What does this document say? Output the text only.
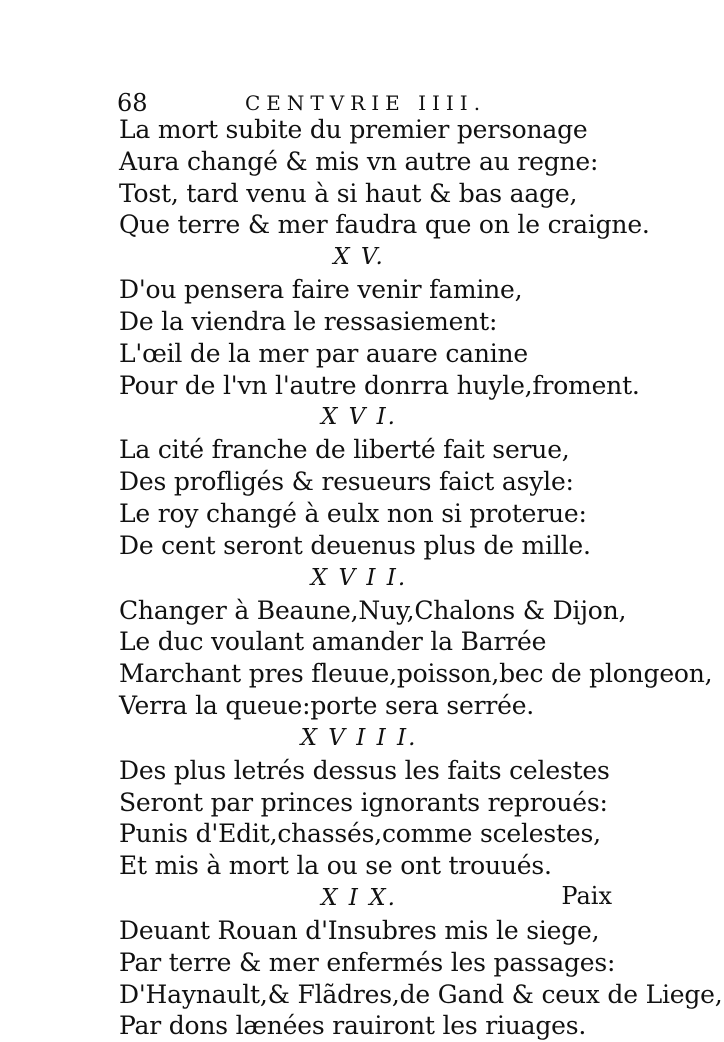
68	CENTVRIE IIII.
La mort subite du premier personage
Aura changé & mis vn autre au regne:
Tost, tard venu à si haut & bas aage,
Que terre & mer faudra que on le craigne.
X V.
D'ou pensera faire venir famine,
De la viendra le ressasiement:
L'œil de la mer par auare canine
Pour de l'vn l'autre donrra huyle,froment.
X V I.
La cité franche de liberté fait serue,
Des profligés & resueurs faict asyle:
Le roy changé à eulx non si proterue:
De cent seront deuenus plus de mille.
X V I I.
Changer à Beaune,Nuy,Chalons & Dijon,
Le duc voulant amander la Barrée
Marchant pres fleuue,poisson,bec de plongeon,
Verra la queue:porte sera serrée.
X V I I I.
Des plus letrés dessus les faits celestes
Seront par princes ignorants reproués:
Punis d'Edit,chassés,comme scelestes,
Et mis à mort la ou se ont trouués.
X I X.
Deuant Rouan d'Insubres mis le siege,
Par terre & mer enfermés les passages:
D'Haynault,& Flãdres,de Gand & ceux de Liege,
Par dons lænées rauiront les riuages.
Paix
